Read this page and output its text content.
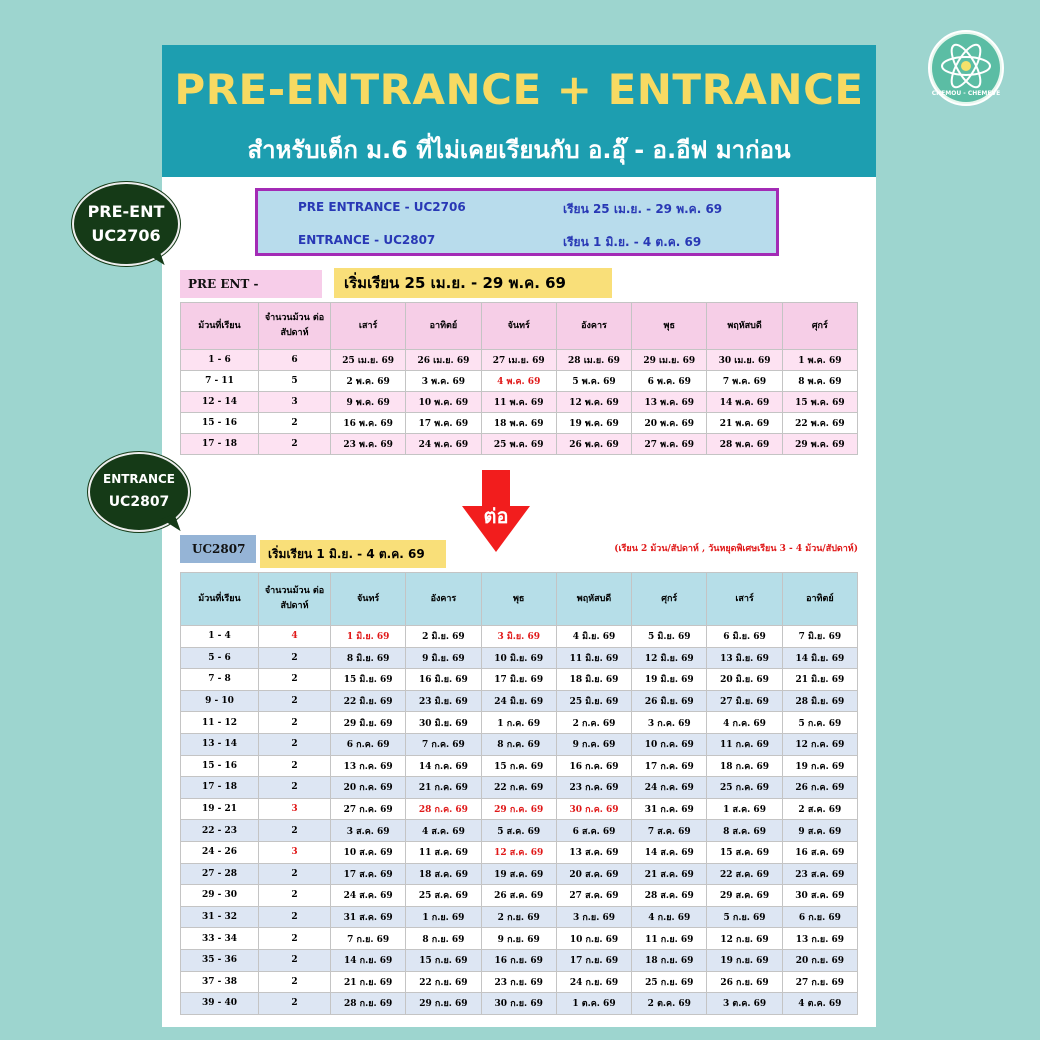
PRE-ENTRANCE + ENTRANCE
สำหรับเด็ก ม.6 ที่ไม่เคยเรียนกับ อ.อุ๊ - อ.อีฟ มาก่อน
PRE ENTRANCE - UC2706	เรียน 25 เม.ย. - 29 พ.ค. 69
ENTRANCE - UC2807	เรียน 1 มิ.ย. - 4 ต.ค. 69
PRE ENT -	เริ่มเรียน 25 เม.ย. - 29 พ.ค. 69
ม้วนที่เรียน	จำนวนม้วน ต่อสัปดาห์	เสาร์	อาทิตย์	จันทร์	อังคาร	พุธ	พฤหัสบดี	ศุกร์
1 - 6	6	25 เม.ย. 69	26 เม.ย. 69	27 เม.ย. 69	28 เม.ย. 69	29 เม.ย. 69	30 เม.ย. 69	1 พ.ค. 69
7 - 11	5	2 พ.ค. 69	3 พ.ค. 69	4 พ.ค. 69	5 พ.ค. 69	6 พ.ค. 69	7 พ.ค. 69	8 พ.ค. 69
12 - 14	3	9 พ.ค. 69	10 พ.ค. 69	11 พ.ค. 69	12 พ.ค. 69	13 พ.ค. 69	14 พ.ค. 69	15 พ.ค. 69
15 - 16	2	16 พ.ค. 69	17 พ.ค. 69	18 พ.ค. 69	19 พ.ค. 69	20 พ.ค. 69	21 พ.ค. 69	22 พ.ค. 69
17 - 18	2	23 พ.ค. 69	24 พ.ค. 69	25 พ.ค. 69	26 พ.ค. 69	27 พ.ค. 69	28 พ.ค. 69	29 พ.ค. 69
UC2807	เริ่มเรียน 1 มิ.ย. - 4 ต.ค. 69	(เรียน 2 ม้วน/สัปดาห์ , วันหยุดพิเศษเรียน 3 - 4 ม้วน/สัปดาห์)
ม้วนที่เรียน	จำนวนม้วน ต่อสัปดาห์	จันทร์	อังคาร	พุธ	พฤหัสบดี	ศุกร์	เสาร์	อาทิตย์
1 - 4	4	1 มิ.ย. 69	2 มิ.ย. 69	3 มิ.ย. 69	4 มิ.ย. 69	5 มิ.ย. 69	6 มิ.ย. 69	7 มิ.ย. 69
5 - 6	2	8 มิ.ย. 69	9 มิ.ย. 69	10 มิ.ย. 69	11 มิ.ย. 69	12 มิ.ย. 69	13 มิ.ย. 69	14 มิ.ย. 69
7 - 8	2	15 มิ.ย. 69	16 มิ.ย. 69	17 มิ.ย. 69	18 มิ.ย. 69	19 มิ.ย. 69	20 มิ.ย. 69	21 มิ.ย. 69
9 - 10	2	22 มิ.ย. 69	23 มิ.ย. 69	24 มิ.ย. 69	25 มิ.ย. 69	26 มิ.ย. 69	27 มิ.ย. 69	28 มิ.ย. 69
11 - 12	2	29 มิ.ย. 69	30 มิ.ย. 69	1 ก.ค. 69	2 ก.ค. 69	3 ก.ค. 69	4 ก.ค. 69	5 ก.ค. 69
13 - 14	2	6 ก.ค. 69	7 ก.ค. 69	8 ก.ค. 69	9 ก.ค. 69	10 ก.ค. 69	11 ก.ค. 69	12 ก.ค. 69
15 - 16	2	13 ก.ค. 69	14 ก.ค. 69	15 ก.ค. 69	16 ก.ค. 69	17 ก.ค. 69	18 ก.ค. 69	19 ก.ค. 69
17 - 18	2	20 ก.ค. 69	21 ก.ค. 69	22 ก.ค. 69	23 ก.ค. 69	24 ก.ค. 69	25 ก.ค. 69	26 ก.ค. 69
19 - 21	3	27 ก.ค. 69	28 ก.ค. 69	29 ก.ค. 69	30 ก.ค. 69	31 ก.ค. 69	1 ส.ค. 69	2 ส.ค. 69
22 - 23	2	3 ส.ค. 69	4 ส.ค. 69	5 ส.ค. 69	6 ส.ค. 69	7 ส.ค. 69	8 ส.ค. 69	9 ส.ค. 69
24 - 26	3	10 ส.ค. 69	11 ส.ค. 69	12 ส.ค. 69	13 ส.ค. 69	14 ส.ค. 69	15 ส.ค. 69	16 ส.ค. 69
27 - 28	2	17 ส.ค. 69	18 ส.ค. 69	19 ส.ค. 69	20 ส.ค. 69	21 ส.ค. 69	22 ส.ค. 69	23 ส.ค. 69
29 - 30	2	24 ส.ค. 69	25 ส.ค. 69	26 ส.ค. 69	27 ส.ค. 69	28 ส.ค. 69	29 ส.ค. 69	30 ส.ค. 69
31 - 32	2	31 ส.ค. 69	1 ก.ย. 69	2 ก.ย. 69	3 ก.ย. 69	4 ก.ย. 69	5 ก.ย. 69	6 ก.ย. 69
33 - 34	2	7 ก.ย. 69	8 ก.ย. 69	9 ก.ย. 69	10 ก.ย. 69	11 ก.ย. 69	12 ก.ย. 69	13 ก.ย. 69
35 - 36	2	14 ก.ย. 69	15 ก.ย. 69	16 ก.ย. 69	17 ก.ย. 69	18 ก.ย. 69	19 ก.ย. 69	20 ก.ย. 69
37 - 38	2	21 ก.ย. 69	22 ก.ย. 69	23 ก.ย. 69	24 ก.ย. 69	25 ก.ย. 69	26 ก.ย. 69	27 ก.ย. 69
39 - 40	2	28 ก.ย. 69	29 ก.ย. 69	30 ก.ย. 69	1 ต.ค. 69	2 ต.ค. 69	3 ต.ค. 69	4 ต.ค. 69
ต่อ
PRE-ENT
UC2706
ENTRANCE
UC2807
CHEMOU - CHEMEVE
